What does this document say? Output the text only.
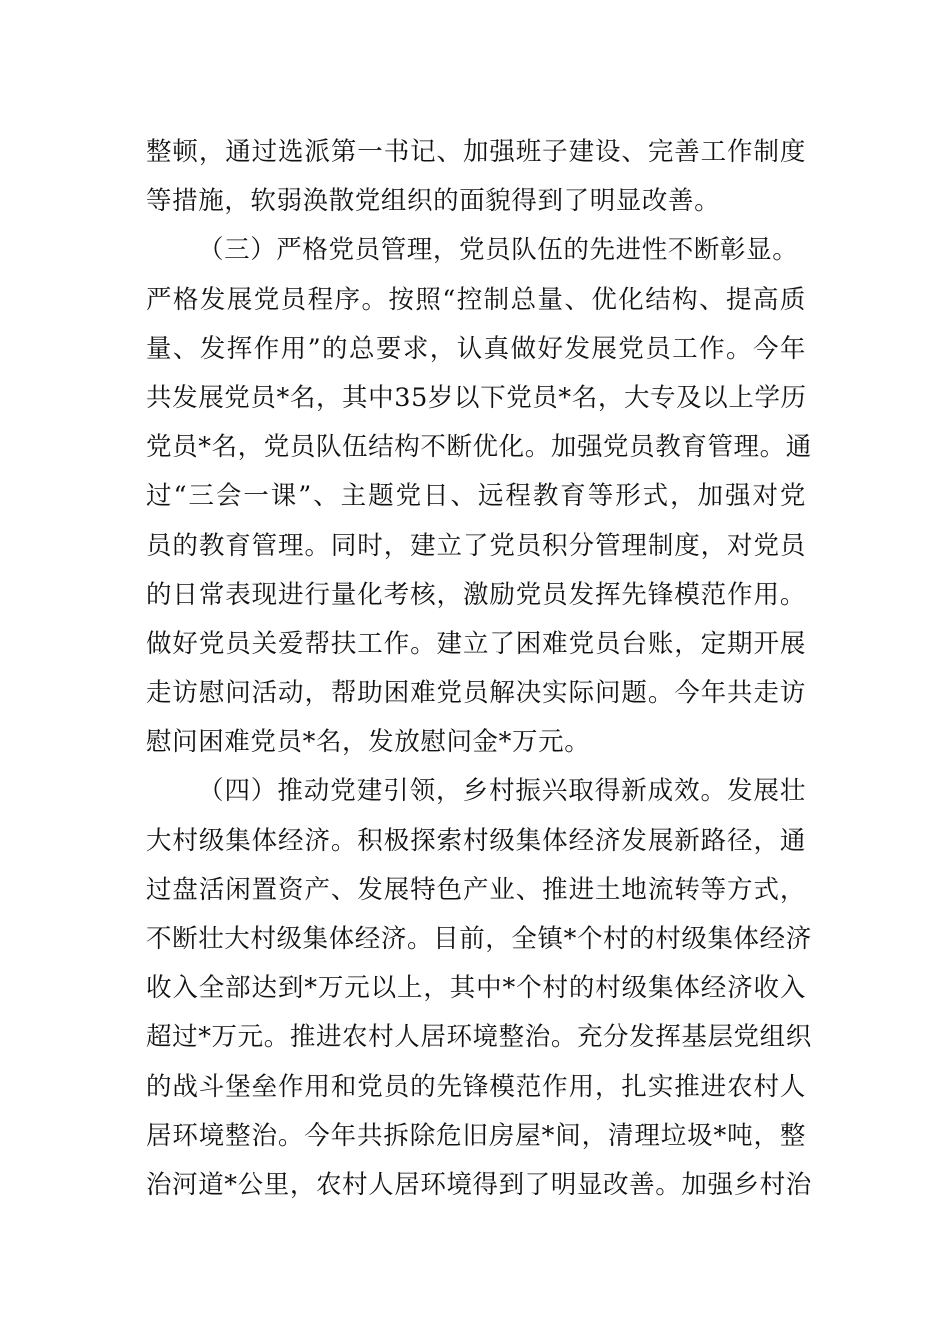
整顿，通过选派第一书记、加强班子建设、完善工作制度
等措施，软弱涣散党组织的面貌得到了明显改善。
（三）严格党员管理，党员队伍的先进性不断彰显。
严格发展党员程序。按照“控制总量、优化结构、提高质
量、发挥作用”的总要求，认真做好发展党员工作。今年
共发展党员*名，其中35岁以下党员*名，大专及以上学历
党员*名，党员队伍结构不断优化。加强党员教育管理。通
过“三会一课”、主题党日、远程教育等形式，加强对党
员的教育管理。同时，建立了党员积分管理制度，对党员
的日常表现进行量化考核，激励党员发挥先锋模范作用。
做好党员关爱帮扶工作。建立了困难党员台账，定期开展
走访慰问活动，帮助困难党员解决实际问题。今年共走访
慰问困难党员*名，发放慰问金*万元。
（四）推动党建引领，乡村振兴取得新成效。发展壮
大村级集体经济。积极探索村级集体经济发展新路径，通
过盘活闲置资产、发展特色产业、推进土地流转等方式，
不断壮大村级集体经济。目前，全镇*个村的村级集体经济
收入全部达到*万元以上，其中*个村的村级集体经济收入
超过*万元。推进农村人居环境整治。充分发挥基层党组织
的战斗堡垒作用和党员的先锋模范作用，扎实推进农村人
居环境整治。今年共拆除危旧房屋*间，清理垃圾*吨，整
治河道*公里，农村人居环境得到了明显改善。加强乡村治
